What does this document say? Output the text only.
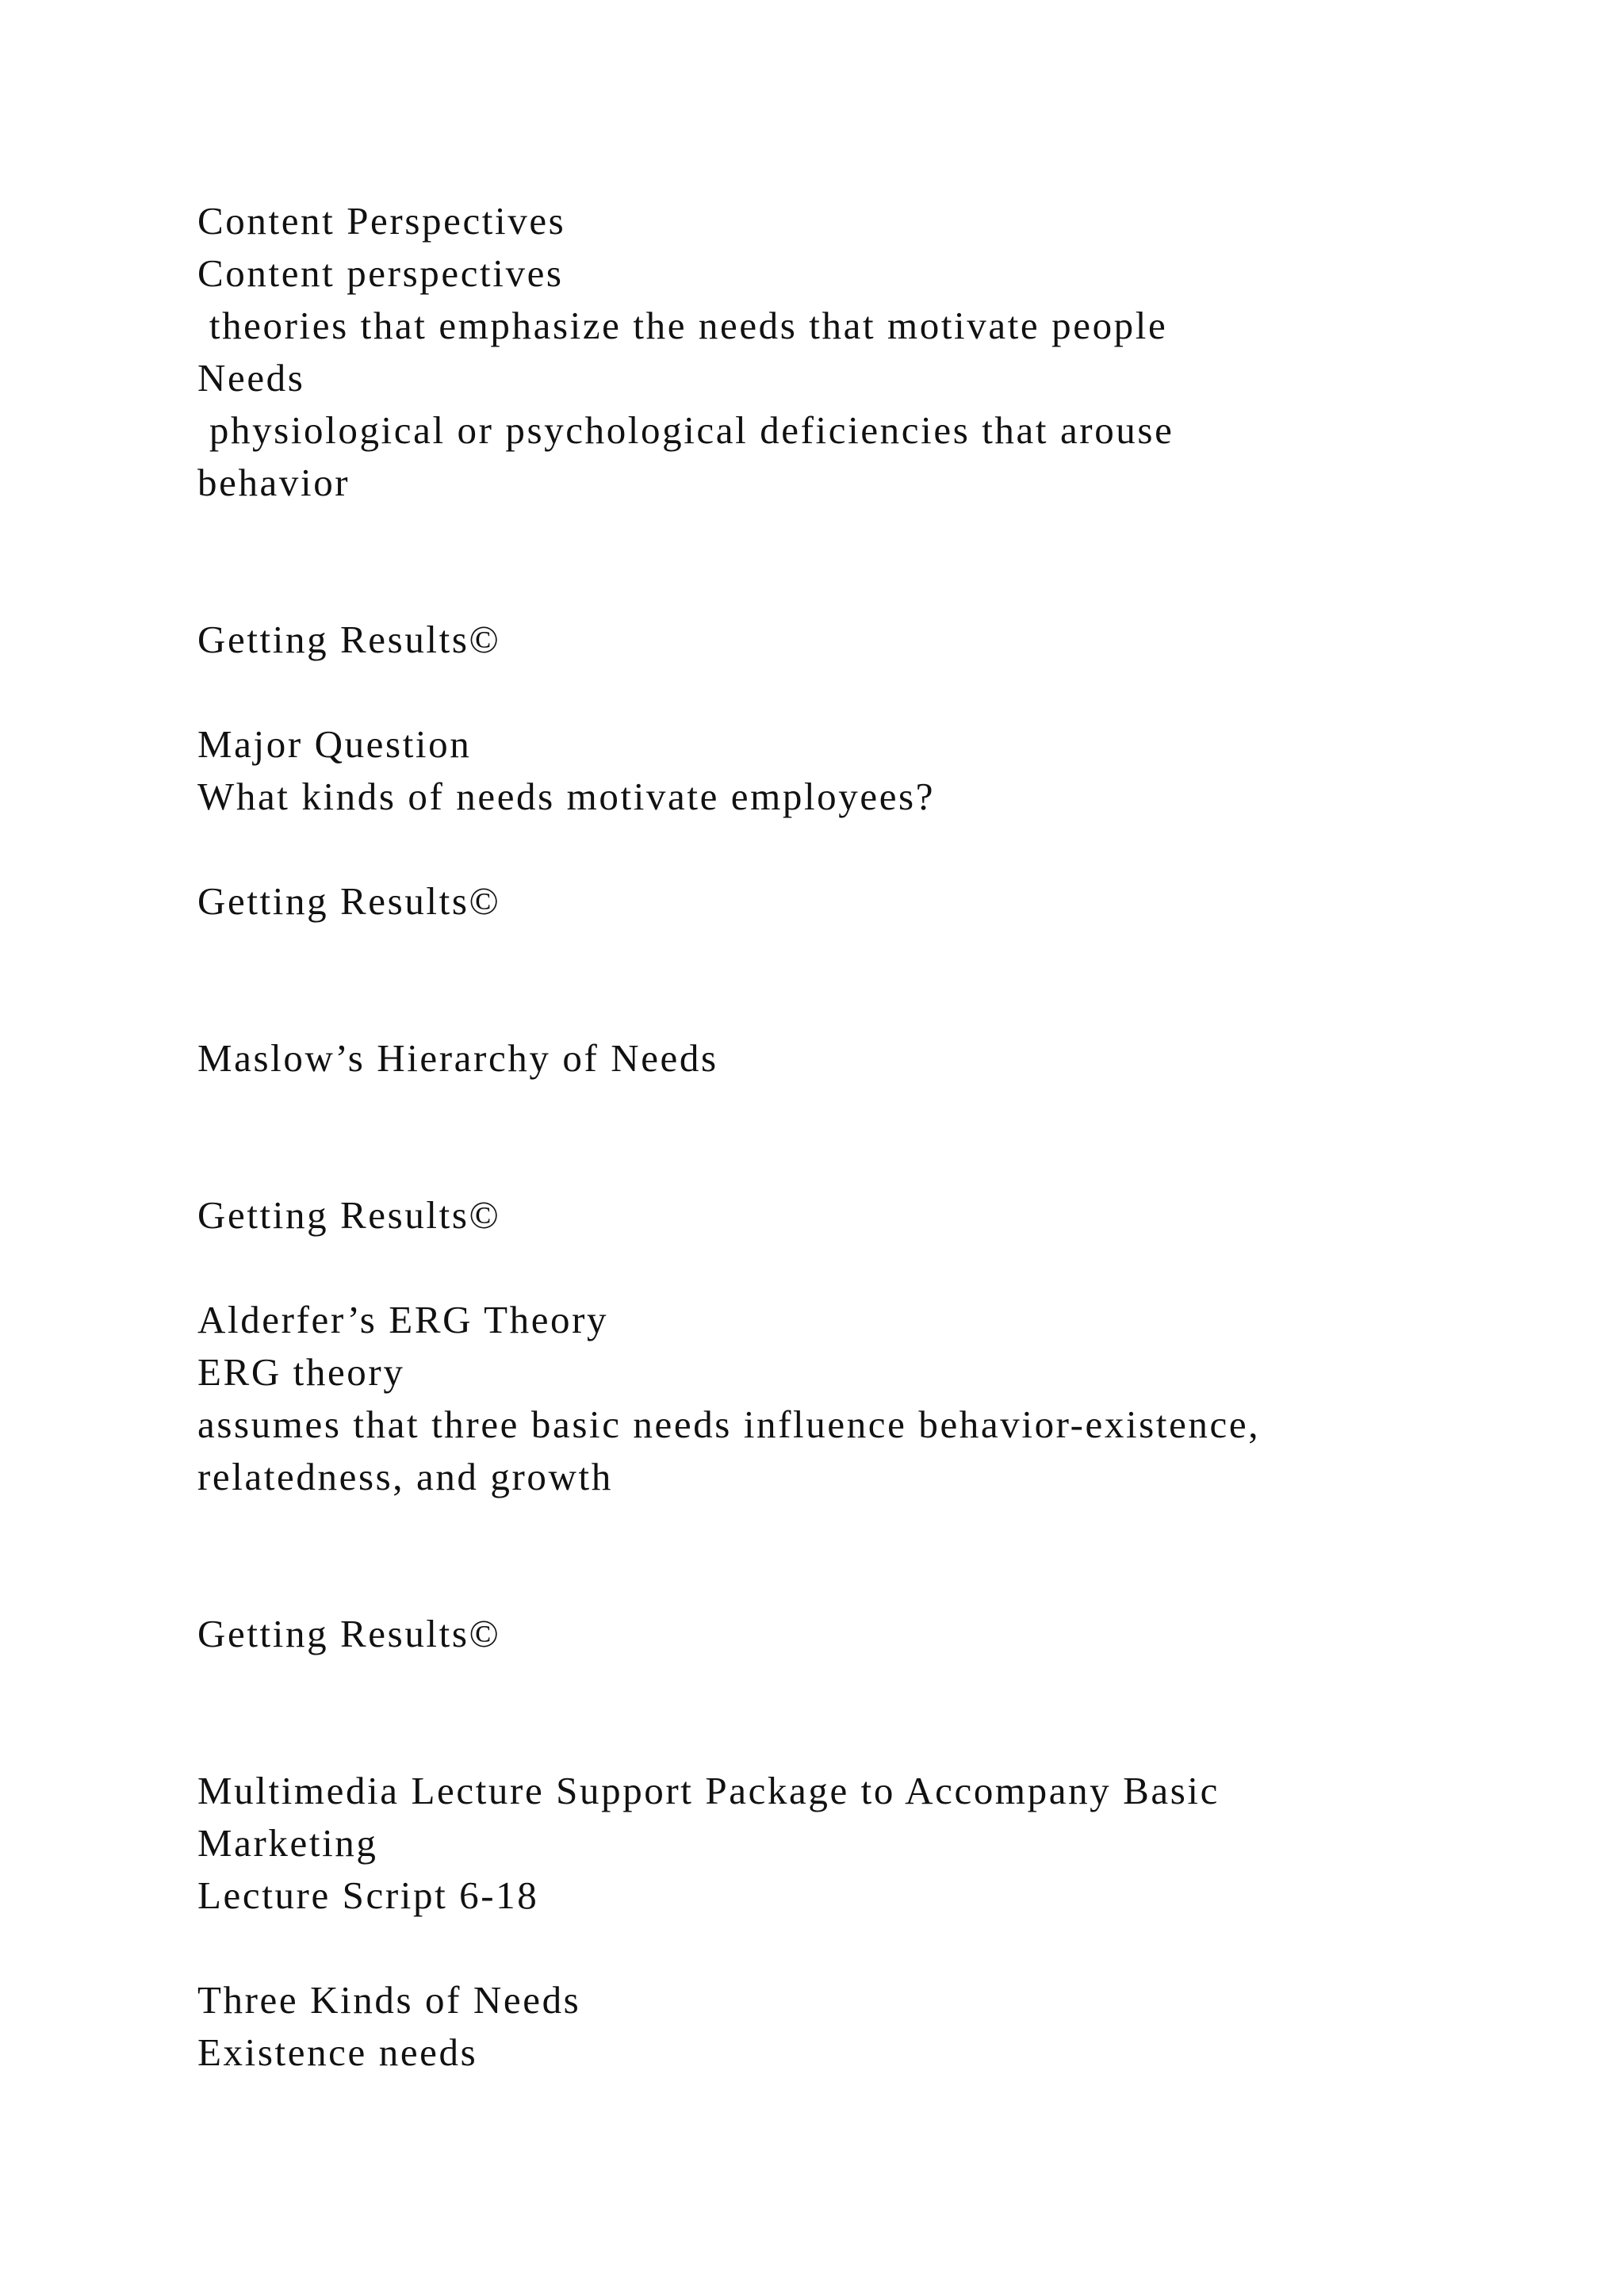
Content Perspectives

Content perspectives

theories that emphasize the needs that motivate people

Needs

physiological or psychological deficiencies that arouse

behavior

Getting Results©

Major Question

What kinds of needs motivate employees?

Getting Results©

Maslow’s Hierarchy of Needs

Getting Results©

Alderfer’s ERG Theory

ERG theory

assumes that three basic needs influence behavior-existence,

relatedness, and growth

Getting Results©

Multimedia Lecture Support Package to Accompany Basic

Marketing

Lecture Script 6-18

Three Kinds of Needs

Existence needs
